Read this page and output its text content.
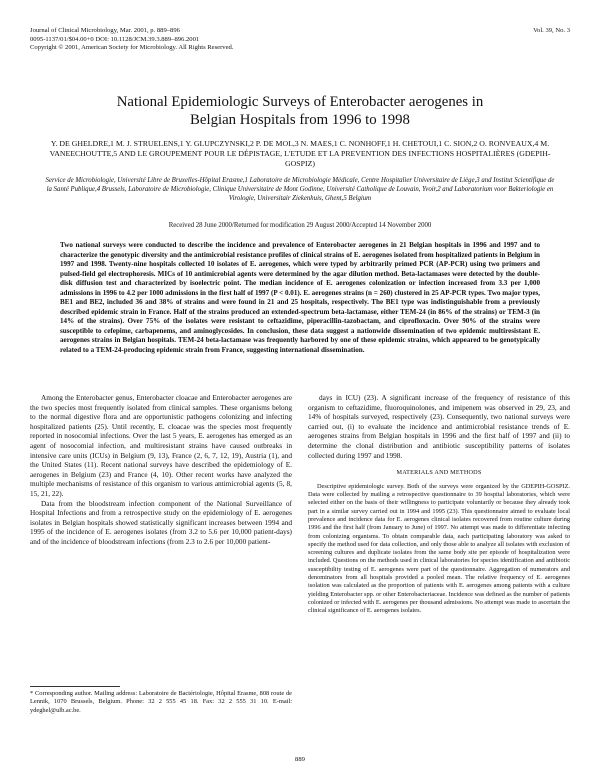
Journal of Clinical Microbiology, Mar. 2001, p. 889–896
0095-1137/01/$04.00+0 DOI: 10.1128/JCM.39.3.889–896.2001
Copyright © 2001, American Society for Microbiology. All Rights Reserved.
Vol. 39, No. 3
National Epidemiologic Surveys of Enterobacter aerogenes in
Belgian Hospitals from 1996 to 1998
Y. DE GHELDRE,1 M. J. STRUELENS,1 Y. GLUPCZYNSKI,2 P. DE MOL,3 N. MAES,1 C. NONHOFF,1 H. CHETOUI,1 C. SION,2 O. RONVEAUX,4 M. VANEECHOUTTE,5 AND LE GROUPEMENT POUR LE DÉPISTAGE, L'ETUDE ET LA PREVENTION DES INFECTIONS HOSPITALIÈRES (GDEPIH-GOSPIZ)
Service de Microbiologie, Université Libre de Bruxelles-Hôpital Erasme,1 Laboratoire de Microbiologie Médicale, Centre Hospitalier Universitaire de Liège,3 and Institut Scientifique de la Santé Publique,4 Brussels, Laboratoire de Microbiologie, Clinique Universitaire de Mont Godinne, Université Catholique de Louvain, Yvoir,2 and Laboratorium voor Bakteriologie en Virologie, Universitair Ziekenhuis, Ghent,5 Belgium
Received 28 June 2000/Returned for modification 29 August 2000/Accepted 14 November 2000
Two national surveys were conducted to describe the incidence and prevalence of Enterobacter aerogenes in 21 Belgian hospitals in 1996 and 1997 and to characterize the genotypic diversity and the antimicrobial resistance profiles of clinical strains of E. aerogenes isolated from hospitalized patients in Belgium in 1997 and 1998. Twenty-nine hospitals collected 10 isolates of E. aerogenes, which were typed by arbitrarily primed PCR (AP-PCR) using two primers and pulsed-field gel electrophoresis. MICs of 10 antimicrobial agents were determined by the agar dilution method. Beta-lactamases were detected by the double-disk diffusion test and characterized by isoelectric point. The median incidence of E. aerogenes colonization or infection increased from 3.3 per 1,000 admissions in 1996 to 4.2 per 1000 admissions in the first half of 1997 (P < 0.01). E. aerogenes strains (n = 260) clustered in 25 AP-PCR types. Two major types, BE1 and BE2, included 36 and 38% of strains and were found in 21 and 25 hospitals, respectively. The BE1 type was indistinguishable from a previously described epidemic strain in France. Half of the strains produced an extended-spectrum beta-lactamase, either TEM-24 (in 86% of the strains) or TEM-3 (in 14% of the strains). Over 75% of the isolates were resistant to ceftazidime, piperacillin-tazobactam, and ciprofloxacin. Over 90% of the strains were susceptible to cefepime, carbapenems, and aminoglycosides. In conclusion, these data suggest a nationwide dissemination of two epidemic multiresistant E. aerogenes strains in Belgian hospitals. TEM-24 beta-lactamase was frequently harbored by one of these epidemic strains, which appeared to be genotypically related to a TEM-24-producing epidemic strain from France, suggesting international dissemination.

Among the Enterobacter genus, Enterobacter cloacae and Enterobacter aerogenes are the two species most frequently isolated from clinical samples. These organisms belong to the normal digestive flora and are opportunistic pathogens colonizing and infecting hospitalized patients (25). Until recently, E. cloacae was the species most frequently reported in nosocomial infections. Over the last 5 years, E. aerogenes has emerged as an agent of nosocomial infection, and multiresistant strains have caused outbreaks in intensive care units (ICUs) in Belgium (9, 13), France (2, 6, 7, 12, 19), Austria (1), and the United States (11). Recent national surveys have described the epidemiology of E. aerogenes in Belgium (23) and France (4, 10). Other recent works have analyzed the multiple mechanisms of resistance of this organism to various antimicrobial agents (5, 8, 15, 21, 22).

Data from the bloodstream infection component of the National Surveillance of Hospital Infections and from a retrospective study on the epidemiology of E. aerogenes isolates in Belgian hospitals showed statistically significant increases between 1994 and 1995 of the incidence of E. aerogenes isolates (from 3.2 to 5.6 per 10,000 patient-days) and of the incidence of bloodstream infections (from 2.3 to 2.6 per 10,000 patient-

days in ICU) (23). A significant increase of the frequency of resistance of this organism to ceftazidime, fluoroquinolones, and imipenem was observed in 29, 23, and 14% of hospitals surveyed, respectively (23). Consequently, two national surveys were carried out, (i) to evaluate the incidence and antimicrobial resistance trends of E. aerogenes strains from Belgian hospitals in 1996 and the first half of 1997 and (ii) to determine the clonal distribution and antibiotic susceptibility patterns of isolates collected during 1997 and 1998.

MATERIALS AND METHODS

Descriptive epidemiologic survey. Both of the surveys were organized by the GDEPIH-GOSPIZ. Data were collected by mailing a retrospective questionnaire to 39 hospital laboratories, which were selected either on the basis of their willingness to participate voluntarily or because they already took part in a similar survey carried out in 1994 and 1995 (23). This questionnaire aimed to evaluate local prevalence and incidence data for E. aerogenes clinical isolates recovered from routine culture during 1996 and the first half (from January to June) of 1997. No attempt was made to differentiate infecting from colonizing organisms. To obtain comparable data, each participating laboratory was asked to specify the method used for data collection, and only those able to analyze all isolates with exclusion of screening cultures and duplicate isolates from the same body site per episode of hospitalization were included. Questions on the methods used in clinical laboratories for species identification and antibiotic susceptibility testing of E. aerogenes were part of the questionnaire. Aggregation of numerators and denominators from all hospitals provided a pooled mean. The relative frequency of E. aerogenes isolation was calculated as the proportion of patients with E. aerogenes among patients with a culture yielding Enterobacter spp. or other Enterobacteriaceae. Incidence was defined as the number of patients colonized or infected with E. aerogenes per thousand admissions. No attempt was made to ascertain the clinical significance of E. aerogenes isolates.

* Corresponding author. Mailing address: Laboratoire de Bactériologie, Hôpital Erasme, 808 route de Lennik, 1070 Brussels, Belgium. Phone: 32 2 555 45 18. Fax: 32 2 555 31 10. E-mail: ydeghel@ulb.ac.be.
889
